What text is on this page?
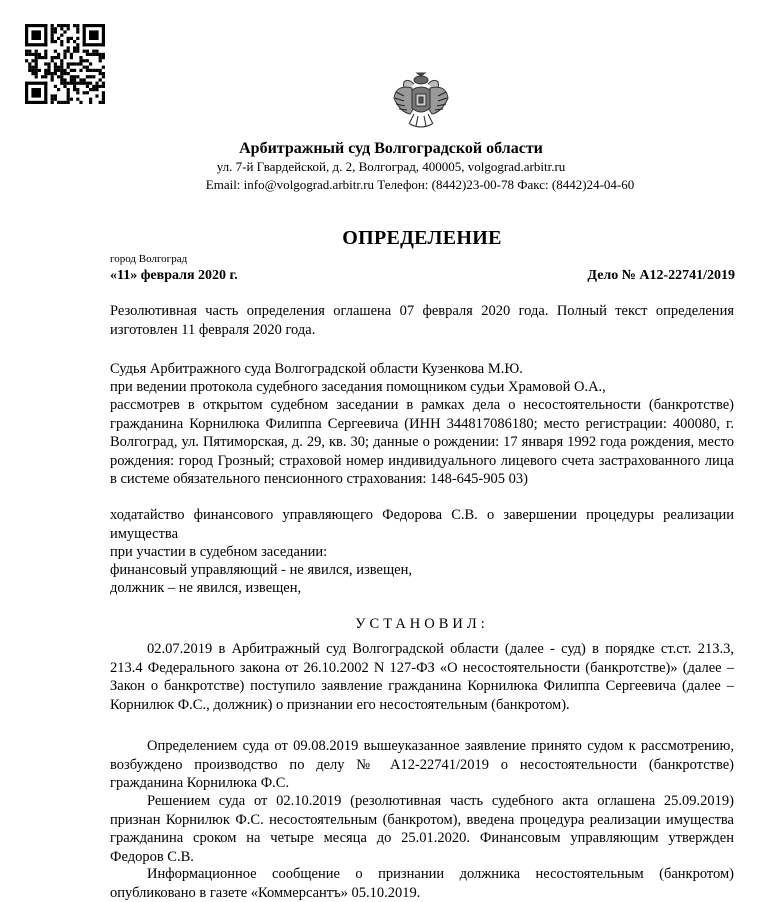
Арбитражный суд Волгоградской области
ул. 7-й Гвардейской, д. 2, Волгоград, 400005, volgograd.arbitr.ru
Email: info@volgograd.arbitr.ru Телефон: (8442)23-00-78 Факс: (8442)24-04-60
ОПРЕДЕЛЕНИЕ
город Волгоград
«11» февраля 2020 г.	Дело № А12-22741/2019
Резолютивная часть определения оглашена 07 февраля 2020 года. Полный текст определения изготовлен 11 февраля 2020 года.
Судья Арбитражного суда Волгоградской области Кузенкова М.Ю.
при ведении протокола судебного заседания помощником судьи Храмовой О.А.,
рассмотрев в открытом судебном заседании в рамках дела о несостоятельности (банкротстве) гражданина Корнилюка Филиппа Сергеевича (ИНН 344817086180; место регистрации: 400080, г. Волгоград, ул. Пятиморская, д. 29, кв. 30; данные о рождении: 17 января 1992 года рождения, место рождения: город Грозный; страховой номер индивидуального лицевого счета застрахованного лица в системе обязательного пенсионного страхования: 148-645-905 03)
ходатайство финансового управляющего Федорова С.В. о завершении процедуры реализации имущества
при участии в судебном заседании:
финансовый управляющий - не явился, извещен,
должник – не явился, извещен,
УСТАНОВИЛ:
02.07.2019 в Арбитражный суд Волгоградской области (далее - суд) в порядке ст.ст. 213.3, 213.4 Федерального закона от 26.10.2002 N 127-ФЗ «О несостоятельности (банкротстве)» (далее – Закон о банкротстве) поступило заявление гражданина Корнилюка Филиппа Сергеевича (далее – Корнилюк Ф.С., должник) о признании его несостоятельным (банкротом).
Определением суда от 09.08.2019 вышеуказанное заявление принято судом к рассмотрению, возбуждено производство по делу № А12-22741/2019 о несостоятельности (банкротстве) гражданина Корнилюка Ф.С.
Решением суда от 02.10.2019 (резолютивная часть судебного акта оглашена 25.09.2019) признан Корнилюк Ф.С. несостоятельным (банкротом), введена процедура реализации имущества гражданина сроком на четыре месяца до 25.01.2020. Финансовым управляющим утвержден Федоров С.В.
Информационное сообщение о признании должника несостоятельным (банкротом) опубликовано в газете «Коммерсантъ» 05.10.2019.
